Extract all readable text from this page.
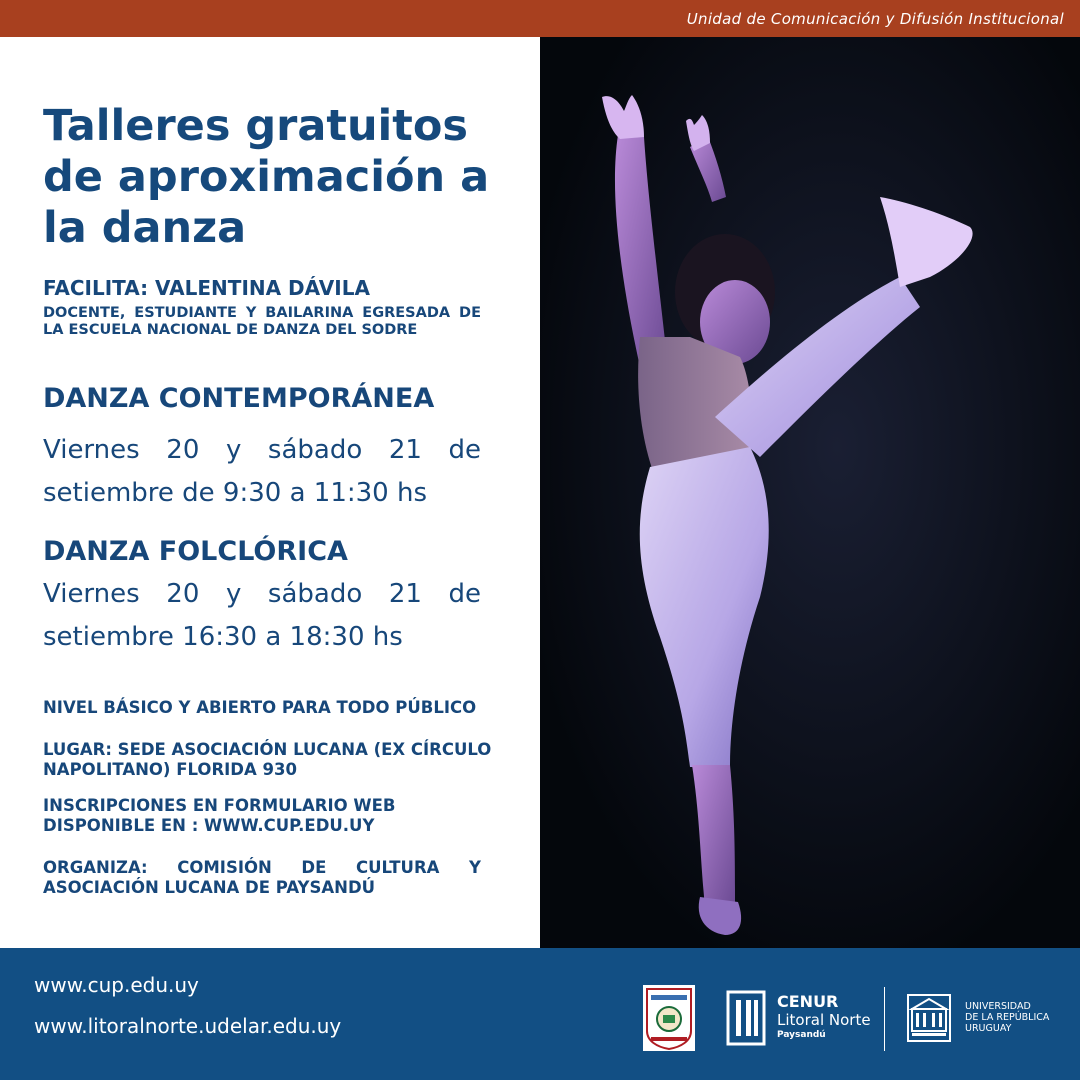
Unidad de Comunicación y Difusión Institucional
Talleres gratuitos
de aproximación a
la danza
FACILITA: VALENTINA DÁVILA
DOCENTE, ESTUDIANTE Y BAILARINA EGRESADA DE LA ESCUELA NACIONAL DE DANZA DEL SODRE
DANZA CONTEMPORÁNEA
Viernes 20 y sábado 21 de setiembre de 9:30 a 11:30 hs
DANZA FOLCLÓRICA
Viernes 20 y sábado 21 de setiembre 16:30 a 18:30 hs
NIVEL BÁSICO Y ABIERTO PARA TODO PÚBLICO
LUGAR: SEDE ASOCIACIÓN LUCANA (EX CÍRCULO
NAPOLITANO) FLORIDA 930
INSCRIPCIONES EN FORMULARIO WEB
DISPONIBLE EN : WWW.CUP.EDU.UY
ORGANIZA: COMISIÓN DE CULTURA Y ASOCIACIÓN LUCANA DE PAYSANDÚ
www.cup.edu.uy
www.litoralnorte.udelar.edu.uy
CENUR
Litoral Norte
Paysandú
UNIVERSIDAD
DE LA REPÚBLICA
URUGUAY
